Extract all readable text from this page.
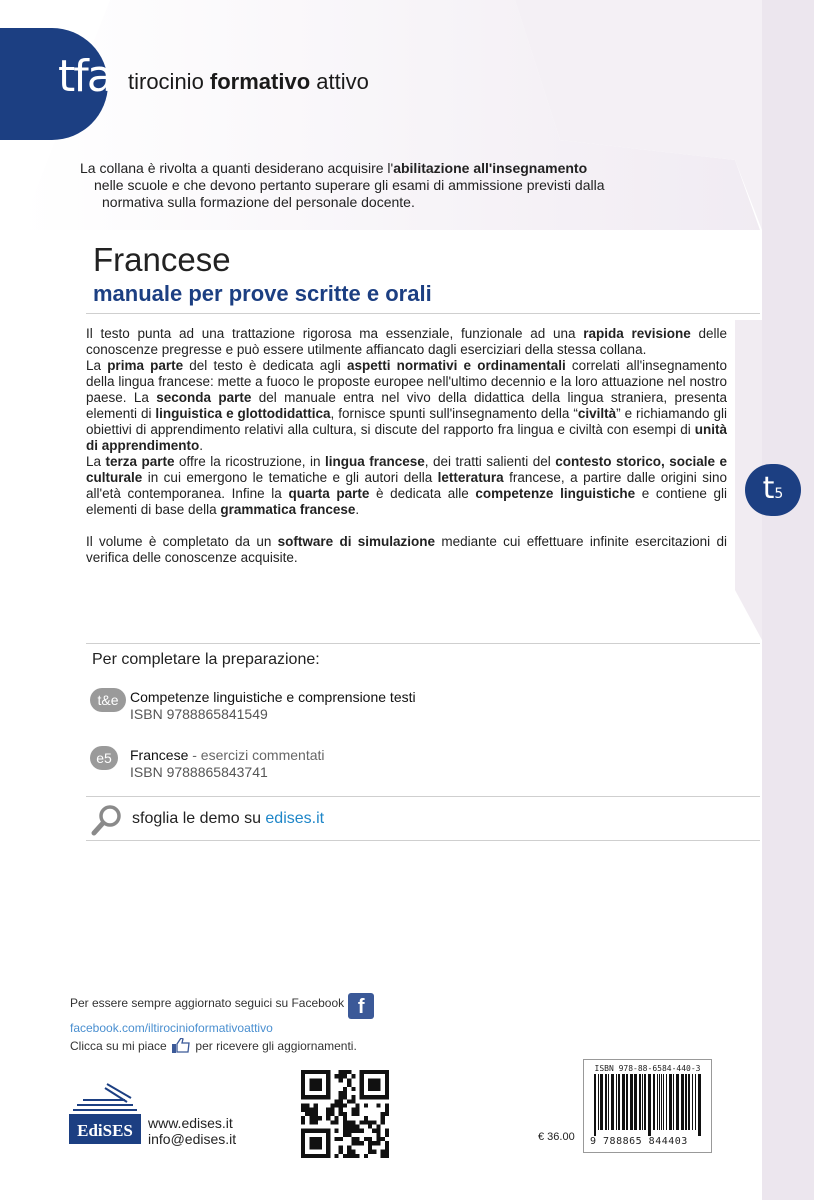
tfa tirocinio formativo attivo
La collana è rivolta a quanti desiderano acquisire l'abilitazione all'insegnamento
nelle scuole e che devono pertanto superare gli esami di ammissione previsti dalla
normativa sulla formazione del personale docente.
Francese
manuale per prove scritte e orali

Il testo punta ad una trattazione rigorosa ma essenziale, funzionale ad una rapida revisione delle conoscenze pregresse e può essere utilmente affiancato dagli eserciziari della stessa collana.

La prima parte del testo è dedicata agli aspetti normativi e ordinamentali correlati all'insegnamento della lingua francese: mette a fuoco le proposte europee nell'ultimo decennio e la loro attuazione nel nostro paese. La seconda parte del manuale entra nel vivo della didattica della lingua straniera, presenta elementi di linguistica e glottodidattica, fornisce spunti sull'insegnamento della “civiltà” e richiamando gli obiettivi di apprendimento relativi alla cultura, si discute del rapporto fra lingua e civiltà con esempi di unità di apprendimento.

La terza parte offre la ricostruzione, in lingua francese, dei tratti salienti del contesto storico, sociale e culturale in cui emergono le tematiche e gli autori della letteratura francese, a partire dalle origini sino all'età contemporanea. Infine la quarta parte è dedicata alle competenze linguistiche e contiene gli elementi di base della grammatica francese.

Il volume è completato da un software di simulazione mediante cui effettuare infinite esercitazioni di verifica delle conoscenze acquisite.

t5
Per completare la preparazione:
t&e Competenze linguistiche e comprensione testi
ISBN 9788865841549
e5	Francese - esercizi commentati
ISBN 9788865843741
sfoglia le demo su edises.it
Per essere sempre aggiornato seguici su Facebook f
facebook.com/iltirocinioformativoattivo
Clicca su mi piace per ricevere gli aggiornamenti.
EdiSES www.edises.it
info@edises.it	€ 36.00
ISBN 978-88-6584-440-3
9 788865 844403
